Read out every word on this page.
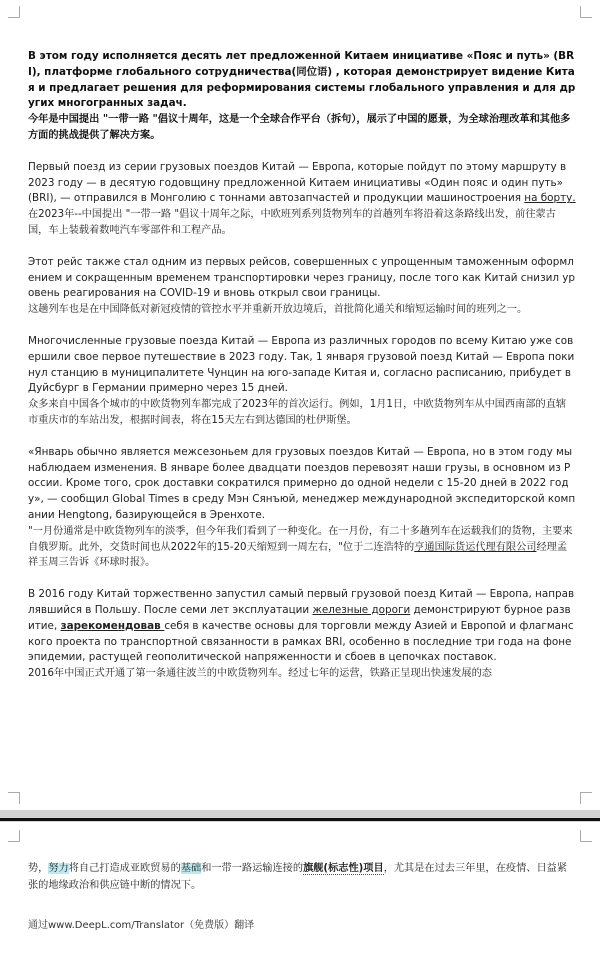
В этом году исполняется десять лет предложенной Китаем инициативе «Пояс и путь» (BRI), платформе глобального сотрудничества(同位语) , которая демонстрирует видение Китая и предлагает решения для реформирования системы глобального управления и для других многогранных задач.

今年是中国提出 "一带一路 "倡议十周年，这是一个全球合作平台（拆句），展示了中国的愿景，为全球治理改革和其他多方面的挑战提供了解决方案。

Первый поезд из серии грузовых поездов Китай — Европа, которые пойдут по этому маршруту в 2023 году — в десятую годовщину предложенной Китаем инициативы «Один пояс и один путь» (BRI), — отправился в Монголию с тоннами автозапчастей и продукции машиностроения на борту.

在2023年--中国提出 "一带一路 "倡议十周年之际，中欧班列系列货物列车的首趟列车将沿着这条路线出发，前往蒙古国，车上装载着数吨汽车零部件和工程产品。

Этот рейс также стал одним из первых рейсов, совершенных с упрощенным таможенным оформлением и сокращенным временем транспортировки через границу, после того как Китай снизил уровень реагирования на COVID-19 и вновь открыл свои границы.

这趟列车也是在中国降低对新冠疫情的管控水平并重新开放边境后，首批简化通关和缩短运输时间的班列之一。

Многочисленные грузовые поезда Китай — Европа из различных городов по всему Китаю уже совершили свое первое путешествие в 2023 году. Так, 1 января грузовой поезд Китай — Европа покинул станцию в муниципалитете Чунцин на юго-западе Китая и, согласно расписанию, прибудет в Дуйсбург в Германии примерно через 15 дней.

众多来自中国各个城市的中欧货物列车都完成了2023年的首次运行。例如，1月1日，中欧货物列车从中国西南部的直辖市重庆市的车站出发，根据时间表，将在15天左右到达德国的杜伊斯堡。

«Январь обычно является межсезоньем для грузовых поездов Китай — Европа, но в этом году мы наблюдаем изменения. В январе более двадцати поездов перевозят наши грузы, в основном из России. Кроме того, срок доставки сократился примерно до одной недели с 15-20 дней в 2022 году», — сообщил Global Times в среду Мэн Сянъюй, менеджер международной экспедиторской компании Hengtong, базирующейся в Эренхоте.

"一月份通常是中欧货物列车的淡季，但今年我们看到了一种变化。在一月份，有二十多趟列车在运载我们的货物，主要来自俄罗斯。此外，交货时间也从2022年的15-20天缩短到一周左右，"位于二连浩特的亨通国际货运代理有限公司经理孟祥玉周三告诉《环球时报》。

В 2016 году Китай торжественно запустил самый первый грузовой поезд Китай — Европа, направлявшийся в Польшу. После семи лет эксплуатации железные дороги демонстрируют бурное развитие, зарекомендовав себя в качестве основы для торговли между Азией и Европой и флагманского проекта по транспортной связанности в рамках BRI, особенно в последние три года на фоне эпидемии, растущей геополитической напряженности и сбоев в цепочках поставок.

2016年中国正式开通了第一条通往波兰的中欧货物列车。经过七年的运营，铁路正呈现出快速发展的态

势，努力将自己打造成亚欧贸易的基础和一带一路运输连接的旗舰(标志性)项目，尤其是在过去三年里，在疫情、日益紧张的地缘政治和供应链中断的情况下。

通过www.DeepL.com/Translator（免费版）翻译
